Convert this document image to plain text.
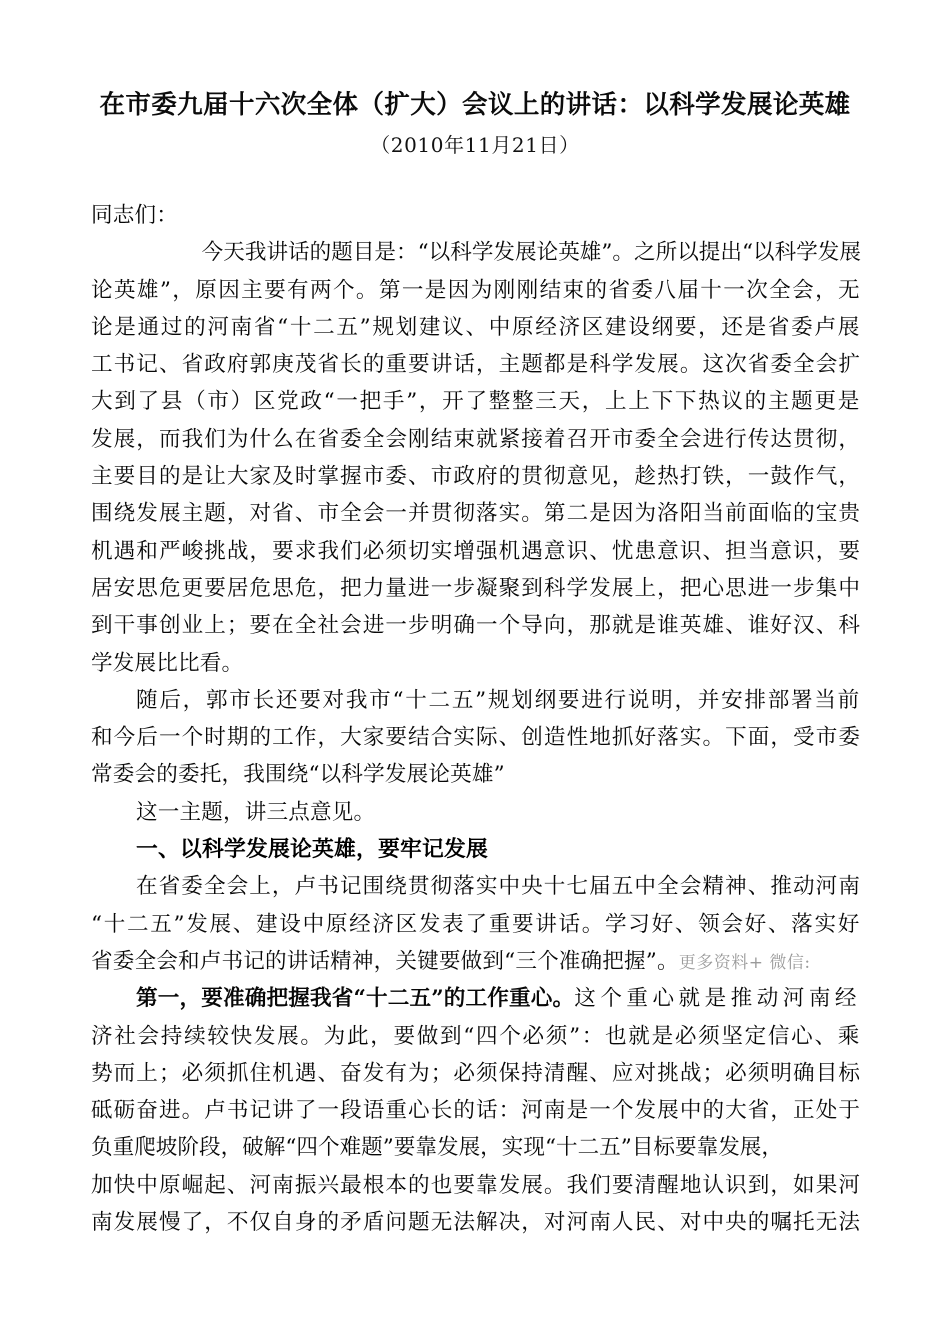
在市委九届十六次全体（扩大）会议上的讲话：以科学发展论英雄
（2010年11月21日）
同志们：
今天我讲话的题目是：“以科学发展论英雄”。之所以提出“以科学发展
论英雄”，原因主要有两个。第一是因为刚刚结束的省委八届十一次全会，无
论是通过的河南省“十二五”规划建议、中原经济区建设纲要，还是省委卢展
工书记、省政府郭庚茂省长的重要讲话，主题都是科学发展。这次省委全会扩
大到了县（市）区党政“一把手”，开了整整三天，上上下下热议的主题更是
发展，而我们为什么在省委全会刚结束就紧接着召开市委全会进行传达贯彻，
主要目的是让大家及时掌握市委、市政府的贯彻意见，趁热打铁，一鼓作气，
围绕发展主题，对省、市全会一并贯彻落实。第二是因为洛阳当前面临的宝贵
机遇和严峻挑战，要求我们必须切实增强机遇意识、忧患意识、担当意识，要
居安思危更要居危思危，把力量进一步凝聚到科学发展上，把心思进一步集中
到干事创业上；要在全社会进一步明确一个导向，那就是谁英雄、谁好汉、科
学发展比比看。
随后，郭市长还要对我市“十二五”规划纲要进行说明，并安排部署当前
和今后一个时期的工作，大家要结合实际、创造性地抓好落实。下面，受市委
常委会的委托，我围绕“以科学发展论英雄”
这一主题，讲三点意见。
一、以科学发展论英雄，要牢记发展
在省委全会上，卢书记围绕贯彻落实中央十七届五中全会精神、推动河南
“十二五”发展、建设中原经济区发表了重要讲话。学习好、领会好、落实好
省委全会和卢书记的讲话精神，关键要做到“三个准确把握”。更多资料+ 微信:
第一，要准确把握我省“十二五”的工作重心。 这个重心就是推动河南经
济社会持续较快发展。为此，要做到“四个必须”：也就是必须坚定信心、乘
势而上；必须抓住机遇、奋发有为；必须保持清醒、应对挑战；必须明确目标
砥砺奋进。卢书记讲了一段语重心长的话：河南是一个发展中的大省，正处于
负重爬坡阶段，破解“四个难题”要靠发展，实现“十二五”目标要靠发展，
加快中原崛起、河南振兴最根本的也要靠发展。我们要清醒地认识到，如果河
南发展慢了，不仅自身的矛盾问题无法解决，对河南人民、对中央的嘱托无法
